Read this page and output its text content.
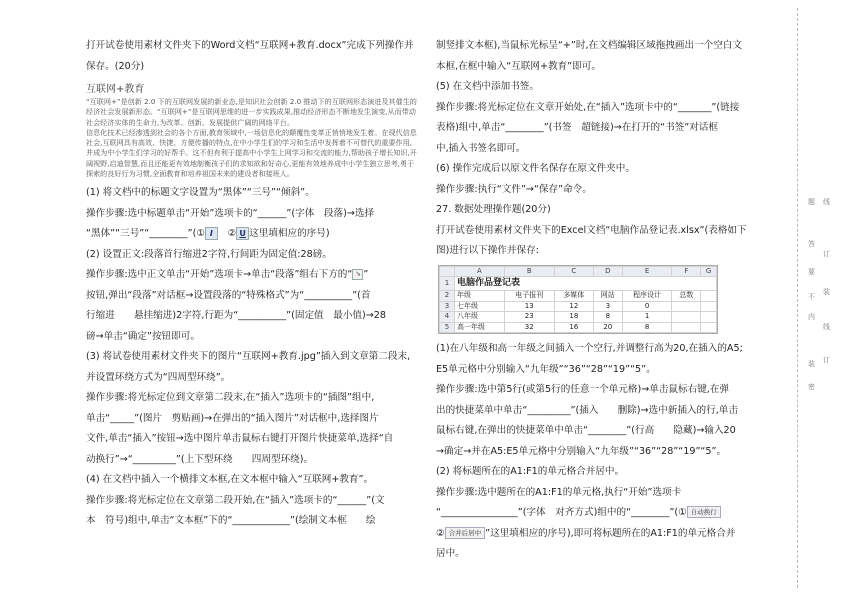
打开试卷使用素材文件夹下的Word文档“互联网+教育.docx”完成下列操作并保存。(20分)

互联网+教育

“互联网+”是创新 2.0 下的互联网发展的新业态,是知识社会创新 2.0 推动下的互联网形态演进及其催生的经济社会发展新形态。“互联网+”是互联网思维的进一步实践成果,推动经济形态不断地发生演变,从而带动社会经济实体的生命力,为改革、创新、发展提供广阔的网络平台。

信息化技术已经渗透到社会的各个方面,教育领域中,一场信息化的颠覆性变革正悄悄地发生着。在现代信息社会,互联网具有高效、快捷、方便传播的特点,在中小学生们的学习和生活中发挥着不可替代的重要作用,并成为中小学生们学习的好帮手。这不但有利于提高中小学生上网学习和交流的能力,帮助孩子增长知识,开阔视野,启迪智慧,而且还能更有效地制衡孩子们的求知欲和好奇心,更能有效地养成中小学生独立思考,勇于探索的良好行为习惯,全面教育和培养祖国未来的建设者和接班人。

(1) 将文档中的标题文字设置为“黑体”“三号”“倾斜”。

操作步骤:选中标题单击“开始”选项卡的“______”(字体　段落)→选择

“黑体”“三号”“________”(① I　② U 这里填相应的序号)

(2) 设置正文:段落首行缩进2字符,行间距为固定值:28磅。

操作步骤:选中正文单击“开始”选项卡→单击“段落”组右下方的“ ↘ ”

按钮,弹出“段落”对话框→设置段落的“特殊格式”为“__________”(首

行缩进　　悬挂缩进)2字符,行距为“__________”(固定值　最小值)→28

磅→单击“确定”按钮即可。

(3) 将试卷使用素材文件夹下的图片“互联网+教育.jpg”插入到文章第二段末,并设置环绕方式为“四周型环绕”。

操作步骤:将光标定位到文章第二段末,在“插入”选项卡的“插图”组中,

单击“_____”(图片　剪贴画)→在弹出的“插入图片”对话框中,选择图片

文件,单击“插入”按钮→选中图片单击鼠标右键打开图片快捷菜单,选择“自

动换行”→“_________”(上下型环绕　　四周型环绕)。

(4) 在文档中插入一个横排文本框,在文本框中输入“互联网+教育”。

操作步骤:将光标定位在文章第二段开始,在“插入”选项卡的“______”(文

本　符号)组中,单击“文本框”下的“____________”(绘制文本框　　绘

制竖排文本框),当鼠标光标呈“+”时,在文档编辑区域拖拽画出一个空白文

本框,在框中输入“互联网+教育”即可。

(5) 在文档中添加书签。

操作步骤:将光标定位在文章开始处,在“插入”选项卡中的“_______”(链接

表格)组中,单击“________”(书签　超链接)→在打开的“书签”对话框

中,插入书签名即可。

(6) 操作完成后以原文件名保存在原文件夹中。

操作步骤:执行“文件”→“保存”命令。

27. 数据处理操作题(20分)

打开试卷使用素材文件夹下的Excel文档“电脑作品登记表.xlsx”(表格如下

图)进行以下操作并保存:

	A	B	C	D	E	F	G
1	电脑作品登记表						
2	年级	电子报刊	多媒体	网站	程序设计	总数	
3	七年级	13	12	3	0		
4	八年级	23	18	8	1		
5	高一年级	32	16	20	8		

(1)在八年级和高一年级之间插入一个空行,并调整行高为20,在插入的A5;

E5单元格中分别输入“九年级”“36”“28”“19”“5”。

操作步骤:选中第5行(或第5行的任意一个单元格)→单击鼠标右键,在弹

出的快捷菜单中单击“_________”(插入　　删除)→选中新插入的行,单击

鼠标右键,在弹出的快捷菜单中单击“________”(行高　　隐藏)→输入20

→确定→并在A5:E5单元格中分别输入“九年级”“36”“28”“19”“5”。

(2) 将标题所在的A1:F1的单元格合并居中。

操作步骤:选中题所在的A1:F1的单元格,执行“开始”选项卡

“________________”(字体　对齐方式)组中的“________”(① 自动换行

② 合并后居中 ”这里填相应的序号),即可将标题所在的A1:F1的单元格合并

居中。

题 线
答
订
要
不
装
内
线
订
装
密
